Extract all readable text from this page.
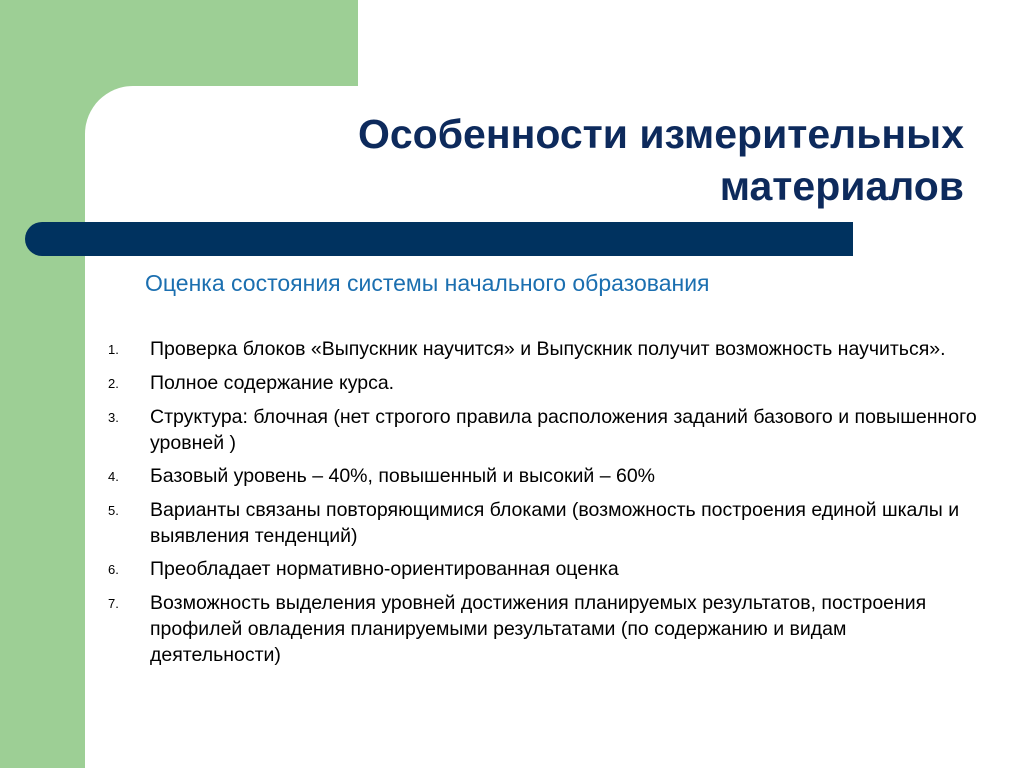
Особенности измерительных
материалов

Оценка состояния системы начального образования

1.	Проверка блоков «Выпускник научится» и Выпускник получит возможность научиться».
2.	Полное содержание курса.
3.	Структура: блочная (нет строгого правила расположения заданий базового и повышенного уровней )
4.	Базовый уровень – 40%, повышенный и высокий – 60%
5.	Варианты связаны повторяющимися блоками (возможность построения единой шкалы и выявления тенденций)
6.	Преобладает нормативно-ориентированная оценка
7.	Возможность выделения уровней достижения планируемых результатов, построения профилей овладения планируемыми результатами (по содержанию и видам деятельности)
